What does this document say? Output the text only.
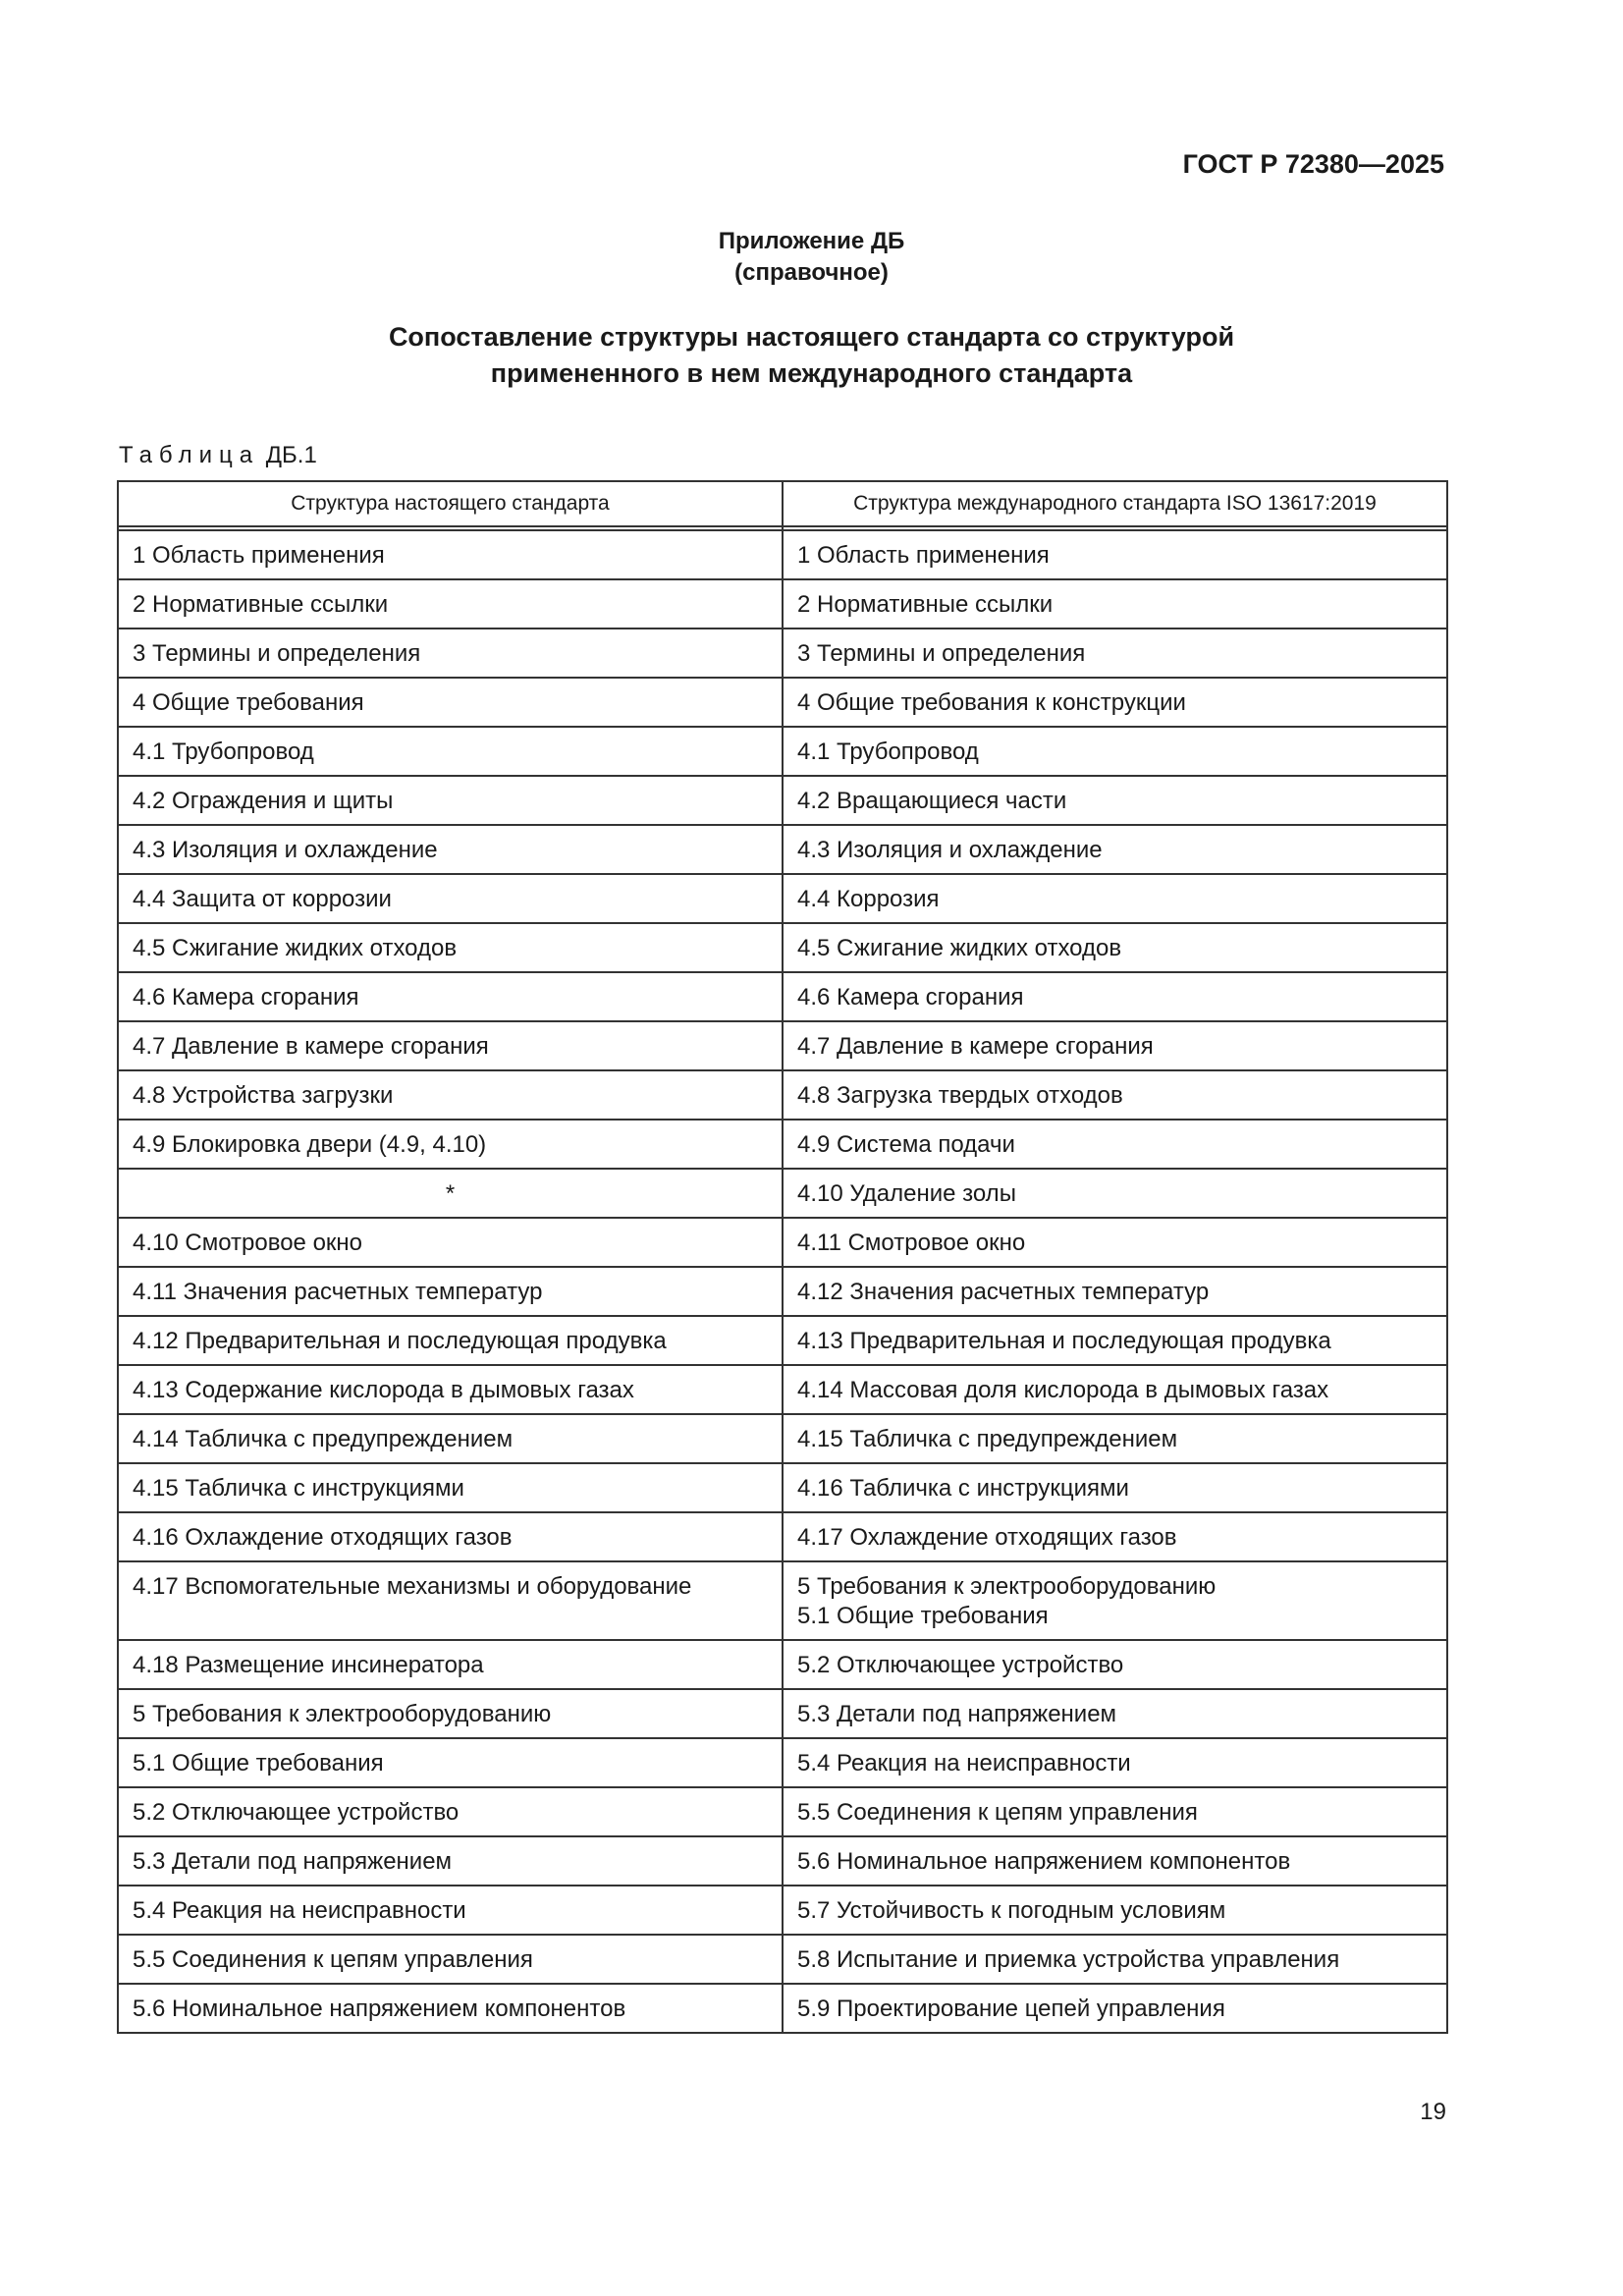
ГОСТ Р 72380—2025
Приложение ДБ
(справочное)
Сопоставление структуры настоящего стандарта со структурой
примененного в нем международного стандарта
Таблица ДБ.1
Структура настоящего стандарта	Структура международного стандарта ISO 13617:2019

1 Область применения	1 Область применения
2 Нормативные ссылки	2 Нормативные ссылки
3 Термины и определения	3 Термины и определения
4 Общие требования	4 Общие требования к конструкции
4.1 Трубопровод	4.1 Трубопровод
4.2 Ограждения и щиты	4.2 Вращающиеся части
4.3 Изоляция и охлаждение	4.3 Изоляция и охлаждение
4.4 Защита от коррозии	4.4 Коррозия
4.5 Сжигание жидких отходов	4.5 Сжигание жидких отходов
4.6 Камера сгорания	4.6 Камера сгорания
4.7 Давление в камере сгорания	4.7 Давление в камере сгорания
4.8 Устройства загрузки	4.8 Загрузка твердых отходов
4.9 Блокировка двери (4.9, 4.10)	4.9 Система подачи
*	4.10 Удаление золы
4.10 Смотровое окно	4.11 Смотровое окно
4.11 Значения расчетных температур	4.12 Значения расчетных температур
4.12 Предварительная и последующая продувка	4.13 Предварительная и последующая продувка
4.13 Содержание кислорода в дымовых газах	4.14 Массовая доля кислорода в дымовых газах
4.14 Табличка с предупреждением	4.15 Табличка с предупреждением
4.15 Табличка с инструкциями	4.16 Табличка с инструкциями
4.16 Охлаждение отходящих газов	4.17 Охлаждение отходящих газов
4.17 Вспомогательные механизмы и оборудование	5 Требования к электрооборудованию
5.1 Общие требования

4.18 Размещение инсинератора	5.2 Отключающее устройство
5 Требования к электрооборудованию	5.3 Детали под напряжением
5.1 Общие требования	5.4 Реакция на неисправности
5.2 Отключающее устройство	5.5 Соединения к цепям управления
5.3 Детали под напряжением	5.6 Номинальное напряжением компонентов
5.4 Реакция на неисправности	5.7 Устойчивость к погодным условиям
5.5 Соединения к цепям управления	5.8 Испытание и приемка устройства управления
5.6 Номинальное напряжением компонентов	5.9 Проектирование цепей управления
19
